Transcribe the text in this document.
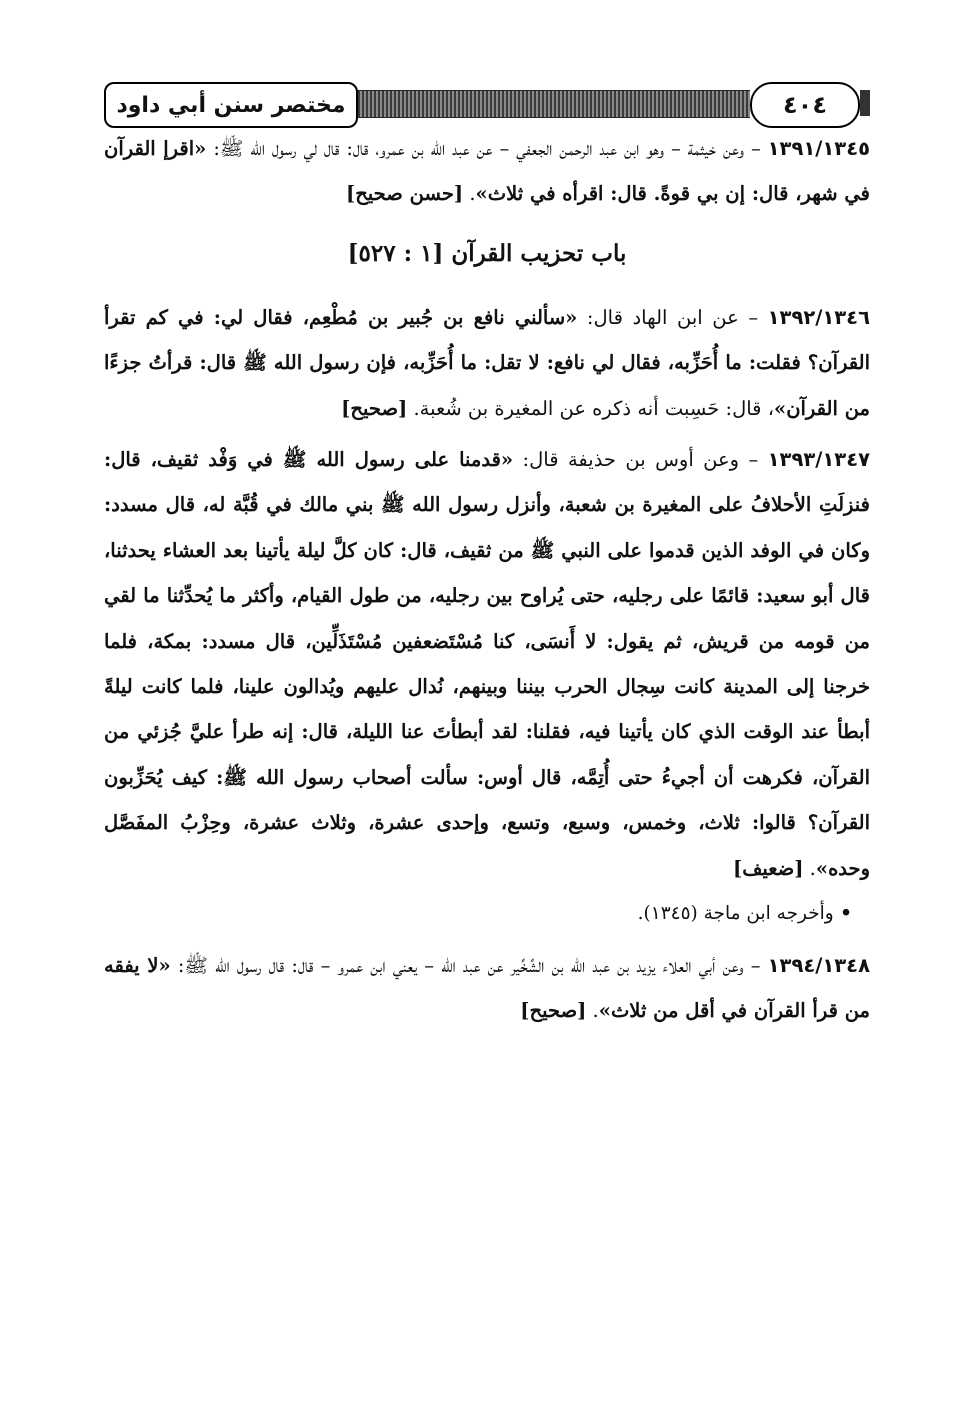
مختصر سنن أبي داود	٤٠٤

١٣٩١/١٣٤٥ – وعن خيثمة – وهو ابن عبد الرحمن الجعفي – عن عبد الله بن عمرو، قال: قال لي رسول الله ﷺ: «اقرإ القرآن في شهر، قال: إن بي قوةً. قال: اقرأه في ثلاث». [حسن صحيح]

باب تحزيب القرآن [١ : ٥٢٧]

١٣٩٢/١٣٤٦ – عن ابن الهاد قال: «سألني نافع بن جُبير بن مُطْعِم، فقال لي: في كم تقرأ القرآن؟ فقلت: ما أُحَزِّبه، فقال لي نافع: لا تقل: ما أُحَزِّبه، فإن رسول الله ﷺ قال: قرأتُ جزءًا من القرآن»، قال: حَسِبت أنه ذكره عن المغيرة بن شُعبة. [صحيح]

١٣٩٣/١٣٤٧ – وعن أوس بن حذيفة قال: «قدمنا على رسول الله ﷺ في وَفْد ثقيف، قال: فنزلَتِ الأحلافُ على المغيرة بن شعبة، وأنزل رسول الله ﷺ بني مالك في قُبَّة له، قال مسدد: وكان في الوفد الذين قدموا على النبي ﷺ من ثقيف، قال: كان كلَّ ليلة يأتينا بعد العشاء يحدثنا، قال أبو سعيد: قائمًا على رجليه، حتى يُراوح بين رجليه، من طول القيام، وأكثر ما يُحدِّثنا ما لقي من قومه من قريش، ثم يقول: لا أَنسَى، كنا مُسْتَضعفين مُسْتَذَلِّين، قال مسدد: بمكة، فلما خرجنا إلى المدينة كانت سِجال الحرب بيننا وبينهم، نُدال عليهم ويُدالون علينا، فلما كانت ليلةً أبطأ عند الوقت الذي كان يأتينا فيه، فقلنا: لقد أبطأتَ عنا الليلة، قال: إنه طرأ عليَّ جُزئي من القرآن، فكرهت أن أجيءُ حتى أُتِمَّه، قال أوس: سألت أصحاب رسول الله ﷺ: كيف يُحَزِّبون القرآن؟ قالوا: ثلاث، وخمس، وسبع، وتسع، وإحدى عشرة، وثلاث عشرة، وحِزْبُ المفَصَّل وحده». [ضعيف]

• وأخرجه ابن ماجة (١٣٤٥).

١٣٩٤/١٣٤٨ – وعن أبي العلاء يزيد بن عبد الله بن الشِّخِّير عن عبد الله – يعني ابن عمرو – قال: قال رسول الله ﷺ: «لا يفقه من قرأ القرآن في أقل من ثلاث». [صحيح]
